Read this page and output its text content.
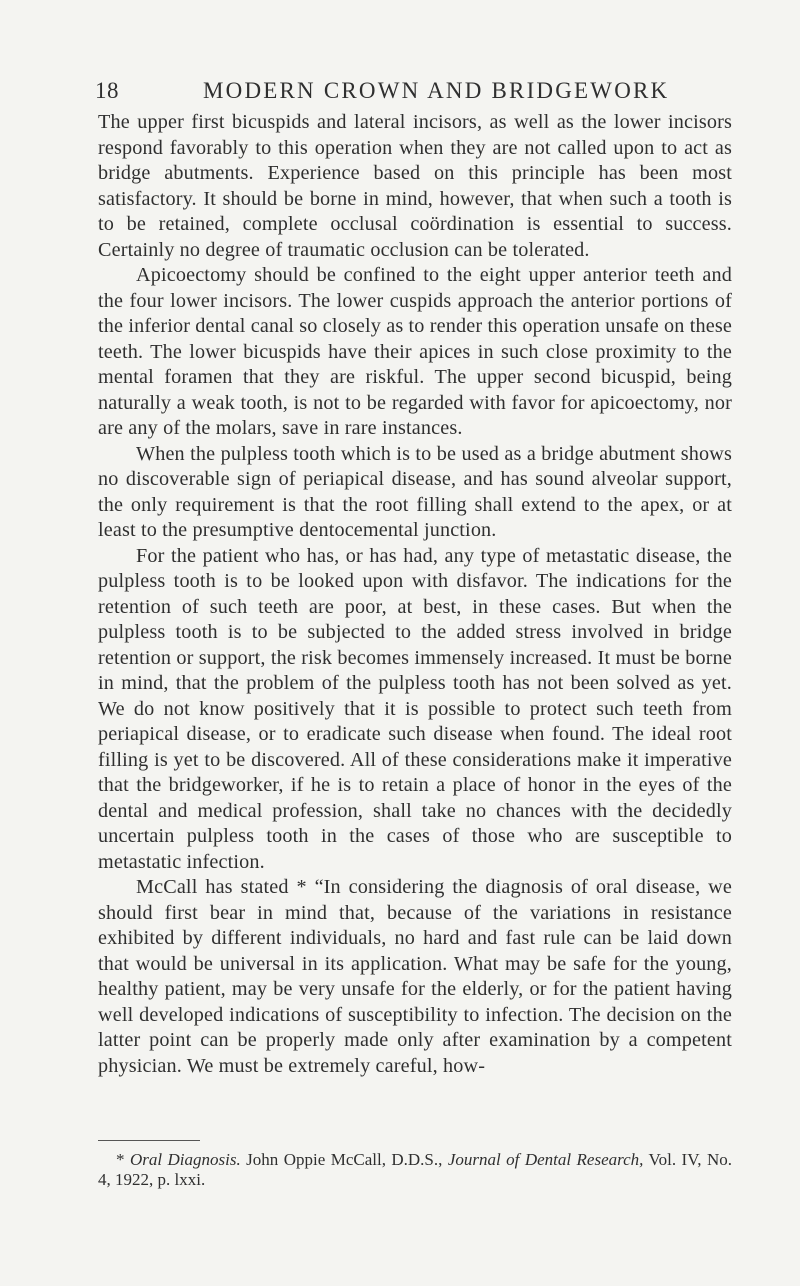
18	MODERN CROWN AND BRIDGEWORK

The upper first bicuspids and lateral incisors, as well as the lower incisors respond favorably to this operation when they are not called upon to act as bridge abutments. Experience based on this principle has been most satisfactory. It should be borne in mind, however, that when such a tooth is to be retained, complete occlusal coördination is essential to success. Certainly no degree of traumatic occlusion can be tolerated.

Apicoectomy should be confined to the eight upper anterior teeth and the four lower incisors. The lower cuspids approach the anterior portions of the inferior dental canal so closely as to render this operation unsafe on these teeth. The lower bicuspids have their apices in such close proximity to the mental foramen that they are riskful. The upper second bicuspid, being naturally a weak tooth, is not to be regarded with favor for apicoectomy, nor are any of the molars, save in rare instances.

When the pulpless tooth which is to be used as a bridge abutment shows no discoverable sign of periapical disease, and has sound alveolar support, the only requirement is that the root filling shall extend to the apex, or at least to the presumptive dentocemental junction.

For the patient who has, or has had, any type of metastatic disease, the pulpless tooth is to be looked upon with disfavor. The indications for the retention of such teeth are poor, at best, in these cases. But when the pulpless tooth is to be subjected to the added stress involved in bridge retention or support, the risk becomes immensely increased. It must be borne in mind, that the problem of the pulpless tooth has not been solved as yet. We do not know positively that it is possible to protect such teeth from periapical disease, or to eradicate such disease when found. The ideal root filling is yet to be discovered. All of these considerations make it imperative that the bridgeworker, if he is to retain a place of honor in the eyes of the dental and medical profession, shall take no chances with the decidedly uncertain pulpless tooth in the cases of those who are susceptible to metastatic infection.

McCall has stated * “In considering the diagnosis of oral disease, we should first bear in mind that, because of the variations in resistance exhibited by different individuals, no hard and fast rule can be laid down that would be universal in its application. What may be safe for the young, healthy patient, may be very unsafe for the elderly, or for the patient having well developed indications of susceptibility to infection. The decision on the latter point can be properly made only after examination by a competent physician. We must be extremely careful, how-

* Oral Diagnosis. John Oppie McCall, D.D.S., Journal of Dental Research, Vol. IV, No. 4, 1922, p. lxxi.
